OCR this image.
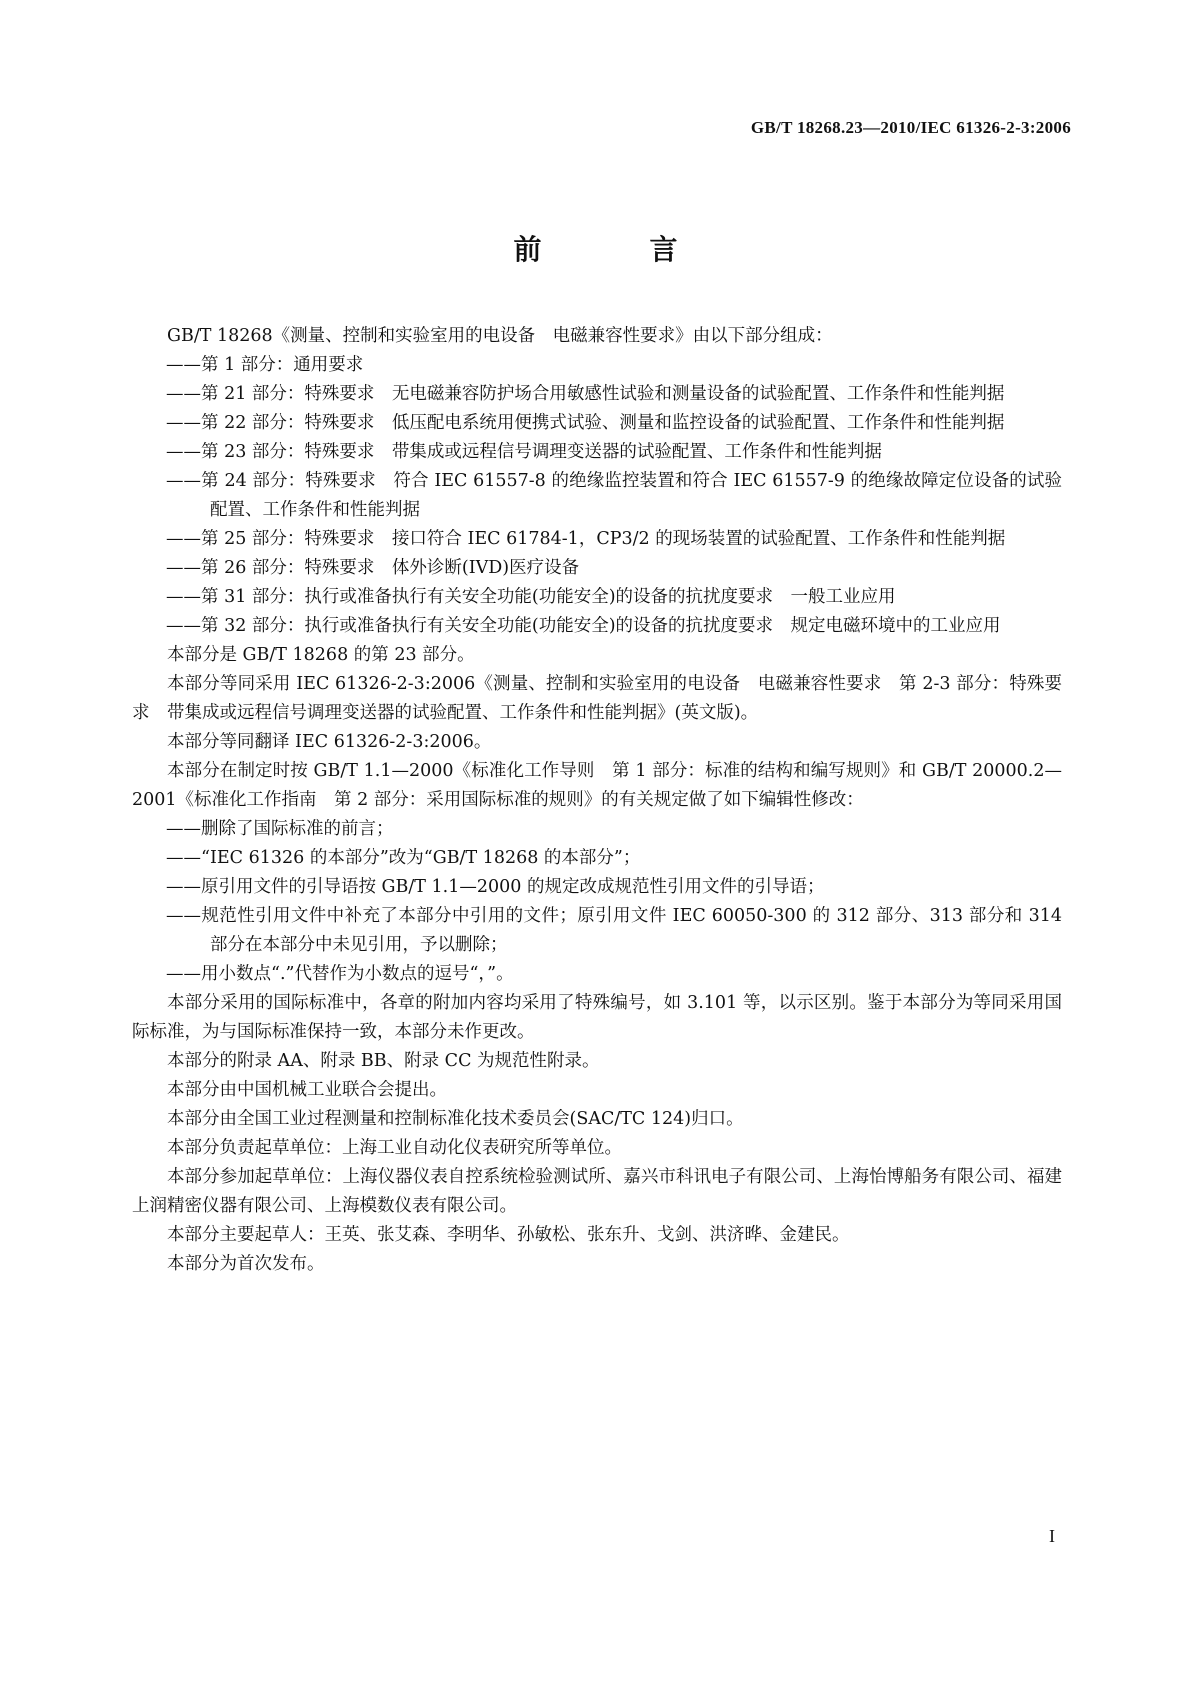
GB/T 18268.23—2010/IEC 61326-2-3:2006
前　言

GB/T 18268《测量、控制和实验室用的电设备　电磁兼容性要求》由以下部分组成：

——第 1 部分：通用要求

——第 21 部分：特殊要求　无电磁兼容防护场合用敏感性试验和测量设备的试验配置、工作条件和性能判据

——第 22 部分：特殊要求　低压配电系统用便携式试验、测量和监控设备的试验配置、工作条件和性能判据

——第 23 部分：特殊要求　带集成或远程信号调理变送器的试验配置、工作条件和性能判据

——第 24 部分：特殊要求　符合 IEC 61557-8 的绝缘监控装置和符合 IEC 61557-9 的绝缘故障定位设备的试验配置、工作条件和性能判据

——第 25 部分：特殊要求　接口符合 IEC 61784-1，CP3/2 的现场装置的试验配置、工作条件和性能判据

——第 26 部分：特殊要求　体外诊断(IVD)医疗设备

——第 31 部分：执行或准备执行有关安全功能(功能安全)的设备的抗扰度要求　一般工业应用

——第 32 部分：执行或准备执行有关安全功能(功能安全)的设备的抗扰度要求　规定电磁环境中的工业应用

本部分是 GB/T 18268 的第 23 部分。

本部分等同采用 IEC 61326-2-3:2006《测量、控制和实验室用的电设备　电磁兼容性要求　第 2-3 部分：特殊要求　带集成或远程信号调理变送器的试验配置、工作条件和性能判据》(英文版)。

本部分等同翻译 IEC 61326-2-3:2006。

本部分在制定时按 GB/T 1.1—2000《标准化工作导则　第 1 部分：标准的结构和编写规则》和 GB/T 20000.2—2001《标准化工作指南　第 2 部分：采用国际标准的规则》的有关规定做了如下编辑性修改：

——删除了国际标准的前言；

——“IEC 61326 的本部分”改为“GB/T 18268 的本部分”；

——原引用文件的引导语按 GB/T 1.1—2000 的规定改成规范性引用文件的引导语；

——规范性引用文件中补充了本部分中引用的文件；原引用文件 IEC 60050-300 的 312 部分、313 部分和 314 部分在本部分中未见引用，予以删除；

——用小数点“.”代替作为小数点的逗号“，”。

本部分采用的国际标准中，各章的附加内容均采用了特殊编号，如 3.101 等，以示区别。鉴于本部分为等同采用国际标准，为与国际标准保持一致，本部分未作更改。

本部分的附录 AA、附录 BB、附录 CC 为规范性附录。

本部分由中国机械工业联合会提出。

本部分由全国工业过程测量和控制标准化技术委员会(SAC/TC 124)归口。

本部分负责起草单位：上海工业自动化仪表研究所等单位。

本部分参加起草单位：上海仪器仪表自控系统检验测试所、嘉兴市科讯电子有限公司、上海怡博船务有限公司、福建上润精密仪器有限公司、上海模数仪表有限公司。

本部分主要起草人：王英、张艾森、李明华、孙敏松、张东升、戈剑、洪济晔、金建民。

本部分为首次发布。

I
